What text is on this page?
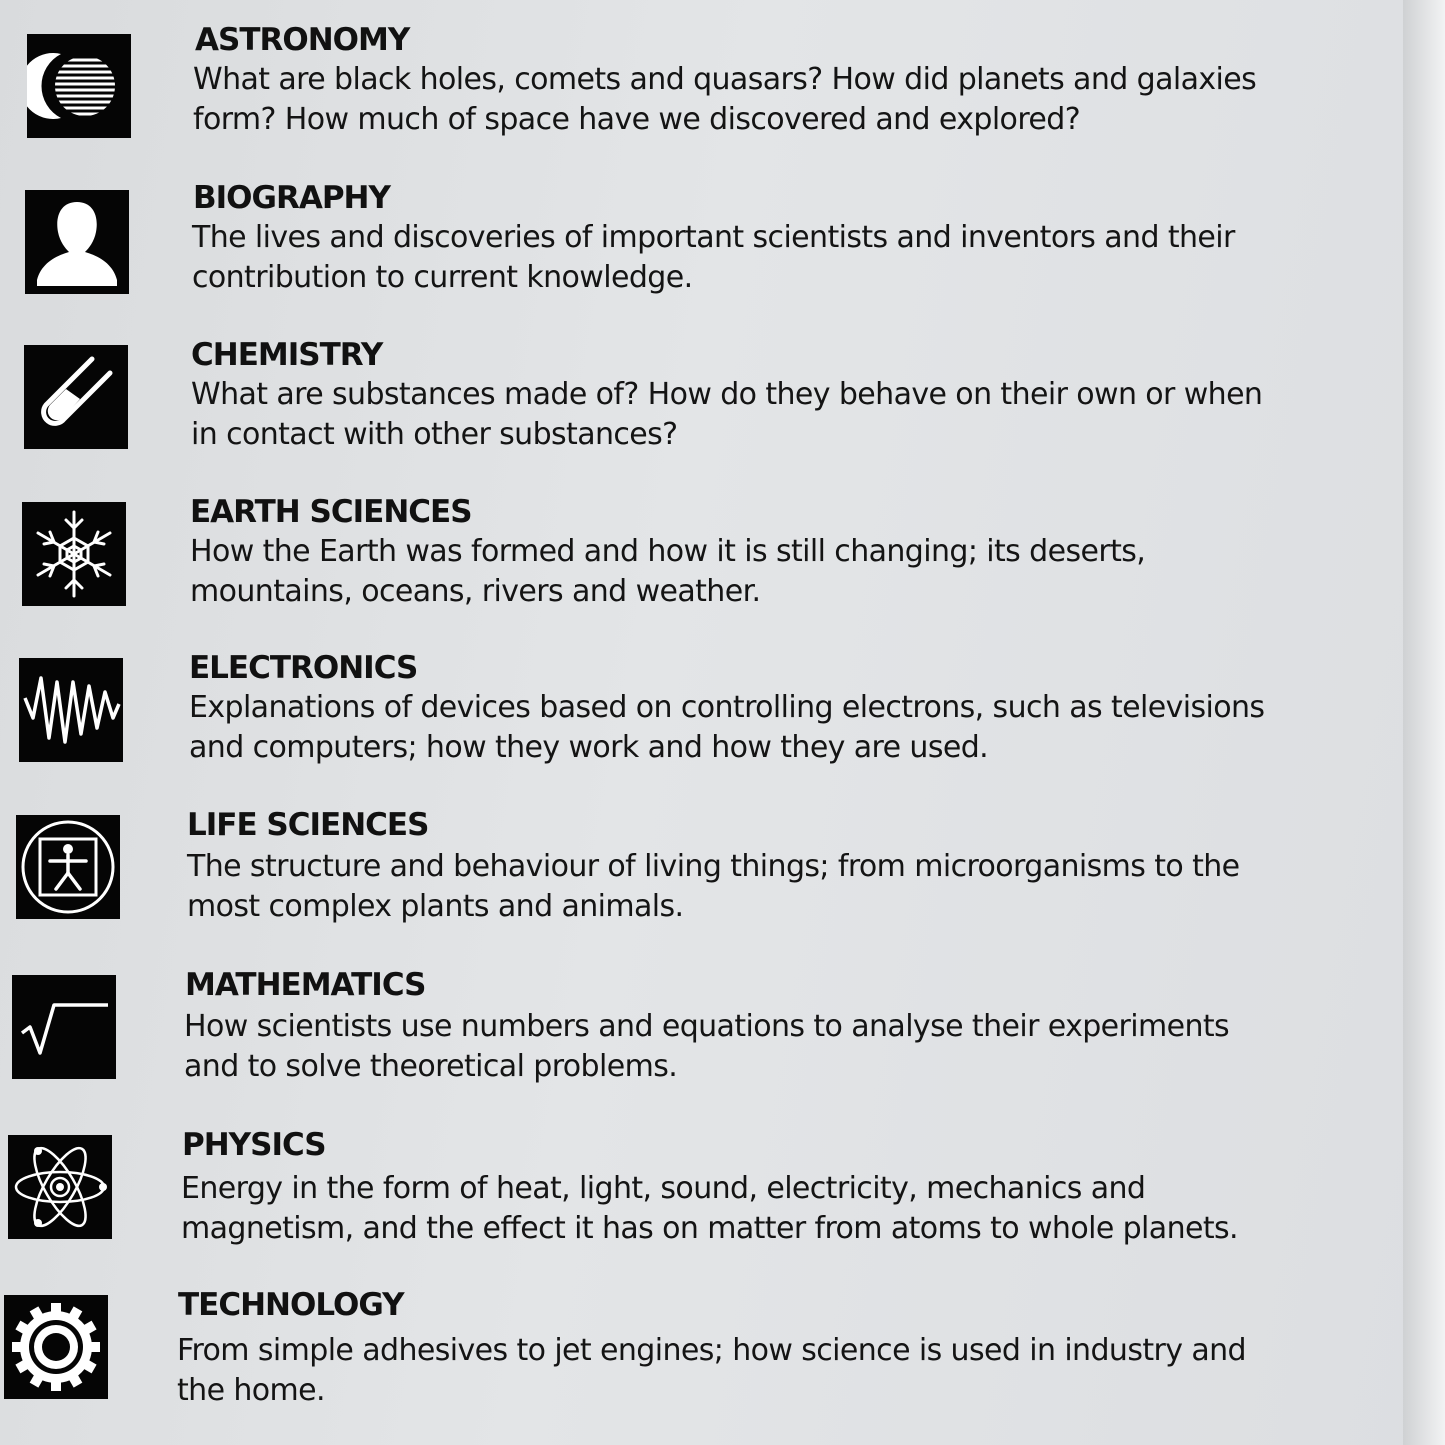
ASTRONOMY
What are black holes, comets and quasars? How did planets and galaxies form? How much of space have we discovered and explored?
BIOGRAPHY
The lives and discoveries of important scientists and inventors and their contribution to current knowledge.
CHEMISTRY
What are substances made of? How do they behave on their own or when in contact with other substances?
EARTH SCIENCES
How the Earth was formed and how it is still changing; its deserts, mountains, oceans, rivers and weather.
ELECTRONICS
Explanations of devices based on controlling electrons, such as televisions and computers; how they work and how they are used.
LIFE SCIENCES
The structure and behaviour of living things; from microorganisms to the most complex plants and animals.
MATHEMATICS
How scientists use numbers and equations to analyse their experiments and to solve theoretical problems.
PHYSICS
Energy in the form of heat, light, sound, electricity, mechanics and magnetism, and the effect it has on matter from atoms to whole planets.
TECHNOLOGY
From simple adhesives to jet engines; how science is used in industry and the home.
